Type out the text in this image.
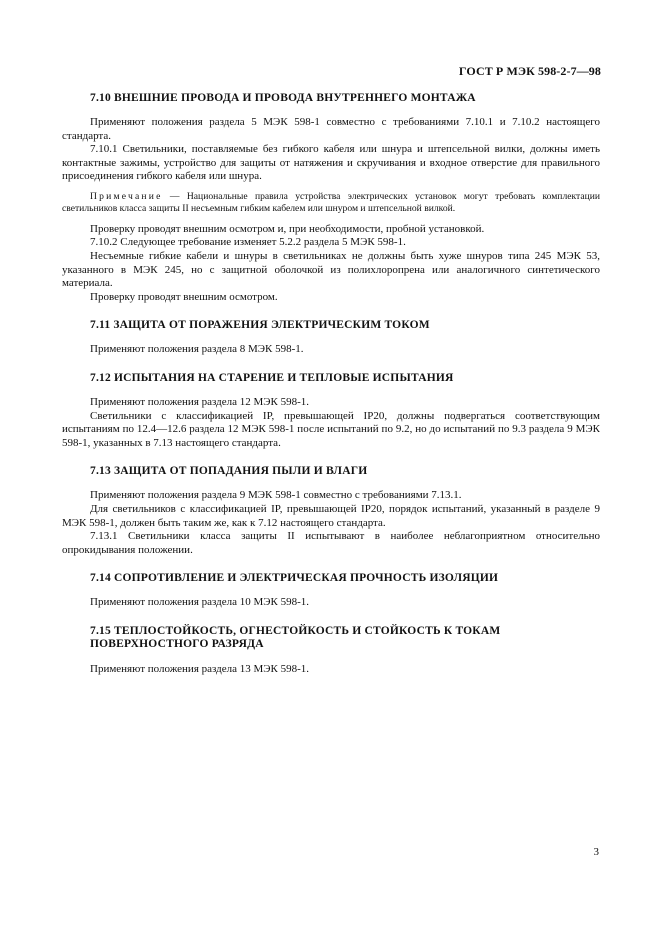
ГОСТ Р МЭК 598-2-7—98
7.10 ВНЕШНИЕ ПРОВОДА И ПРОВОДА ВНУТРЕННЕГО МОНТАЖА

Применяют положения раздела 5 МЭК 598-1 совместно с требованиями 7.10.1 и 7.10.2 настоящего стандарта.

7.10.1 Светильники, поставляемые без гибкого кабеля или шнура и штепсельной вилки, должны иметь контактные зажимы, устройство для защиты от натяжения и скручивания и входное отверстие для правильного присоединения гибкого кабеля или шнура.

Примечание — Национальные правила устройства электрических установок могут требовать комплектации светильников класса защиты II несъемным гибким кабелем или шнуром и штепсельной вилкой.

Проверку проводят внешним осмотром и, при необходимости, пробной установкой.

7.10.2 Следующее требование изменяет 5.2.2 раздела 5 МЭК 598-1.

Несъемные гибкие кабели и шнуры в светильниках не должны быть хуже шнуров типа 245 МЭК 53, указанного в МЭК 245, но с защитной оболочкой из полихлоропрена или аналогичного синтетического материала.

Проверку проводят внешним осмотром.

7.11 ЗАЩИТА ОТ ПОРАЖЕНИЯ ЭЛЕКТРИЧЕСКИМ ТОКОМ

Применяют положения раздела 8 МЭК 598-1.

7.12 ИСПЫТАНИЯ НА СТАРЕНИЕ И ТЕПЛОВЫЕ ИСПЫТАНИЯ

Применяют положения раздела 12 МЭК 598-1.

Светильники с классификацией IP, превышающей IP20, должны подвергаться соответствующим испытаниям по 12.4—12.6 раздела 12 МЭК 598-1 после испытаний по 9.2, но до испытаний по 9.3 раздела 9 МЭК 598-1, указанных в 7.13 настоящего стандарта.

7.13 ЗАЩИТА ОТ ПОПАДАНИЯ ПЫЛИ И ВЛАГИ

Применяют положения раздела 9 МЭК 598-1 совместно с требованиями 7.13.1.

Для светильников с классификацией IP, превышающей IP20, порядок испытаний, указанный в разделе 9 МЭК 598-1, должен быть таким же, как к 7.12 настоящего стандарта.

7.13.1 Светильники класса защиты II испытывают в наиболее неблагоприятном относительно опрокидывания положении.

7.14 СОПРОТИВЛЕНИЕ И ЭЛЕКТРИЧЕСКАЯ ПРОЧНОСТЬ ИЗОЛЯЦИИ

Применяют положения раздела 10 МЭК 598-1.

7.15 ТЕПЛОСТОЙКОСТЬ, ОГНЕСТОЙКОСТЬ И СТОЙКОСТЬ К ТОКАМ
ПОВЕРХНОСТНОГО РАЗРЯДА

Применяют положения раздела 13 МЭК 598-1.

3
